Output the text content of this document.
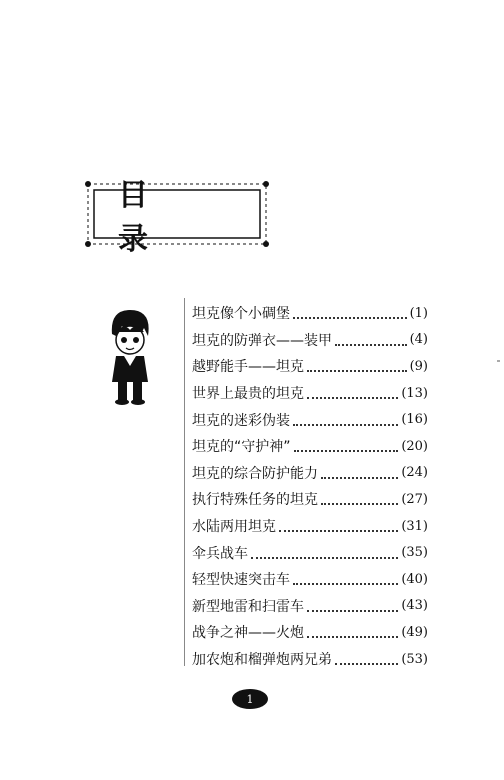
目 录
坦克像个小碉堡	(1)
坦克的防弹衣——装甲	(4)
越野能手——坦克	(9)
世界上最贵的坦克	(13)
坦克的迷彩伪装	(16)
坦克的“守护神”	(20)
坦克的综合防护能力	(24)
执行特殊任务的坦克	(27)
水陆两用坦克	(31)
伞兵战车	(35)
轻型快速突击车	(40)
新型地雷和扫雷车	(43)
战争之神——火炮	(49)
加农炮和榴弹炮两兄弟	(53)
1
